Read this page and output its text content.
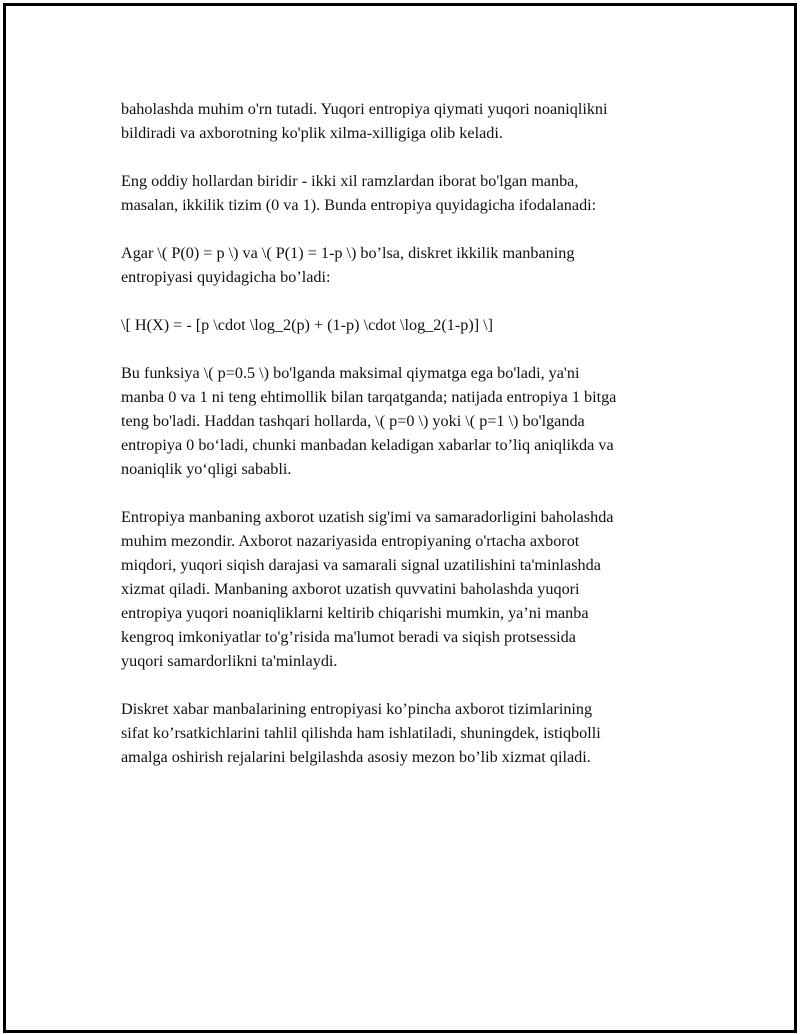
baholashda muhim o'rn tutadi. Yuqori entropiya qiymati yuqori noaniqlikni
bildiradi va axborotning ko'plik xilma-xilligiga olib keladi.

Eng oddiy hollardan biridir - ikki xil ramzlardan iborat bo'lgan manba,
masalan, ikkilik tizim (0 va 1). Bunda entropiya quyidagicha ifodalanadi:

Agar \( P(0) = p \) va \( P(1) = 1-p \) bo’lsa, diskret ikkilik manbaning
entropiyasi quyidagicha bo’ladi:

\[ H(X) = - [p \cdot \log_2(p) + (1-p) \cdot \log_2(1-p)] \]

Bu funksiya \( p=0.5 \) bo'lganda maksimal qiymatga ega bo'ladi, ya'ni
manba 0 va 1 ni teng ehtimollik bilan tarqatganda; natijada entropiya 1 bitga
teng bo'ladi. Haddan tashqari hollarda, \( p=0 \) yoki \( p=1 \) bo'lganda
entropiya 0 bo‘ladi, chunki manbadan keladigan xabarlar to’liq aniqlikda va
noaniqlik yo‘qligi sababli.

Entropiya manbaning axborot uzatish sig'imi va samaradorligini baholashda
muhim mezondir. Axborot nazariyasida entropiyaning o'rtacha axborot
miqdori, yuqori siqish darajasi va samarali signal uzatilishini ta'minlashda
xizmat qiladi. Manbaning axborot uzatish quvvatini baholashda yuqori
entropiya yuqori noaniqliklarni keltirib chiqarishi mumkin, ya’ni manba
kengroq imkoniyatlar to'g’risida ma'lumot beradi va siqish protsessida
yuqori samardorlikni ta'minlaydi.

Diskret xabar manbalarining entropiyasi ko’pincha axborot tizimlarining
sifat ko’rsatkichlarini tahlil qilishda ham ishlatiladi, shuningdek, istiqbolli
amalga oshirish rejalarini belgilashda asosiy mezon bo’lib xizmat qiladi.
